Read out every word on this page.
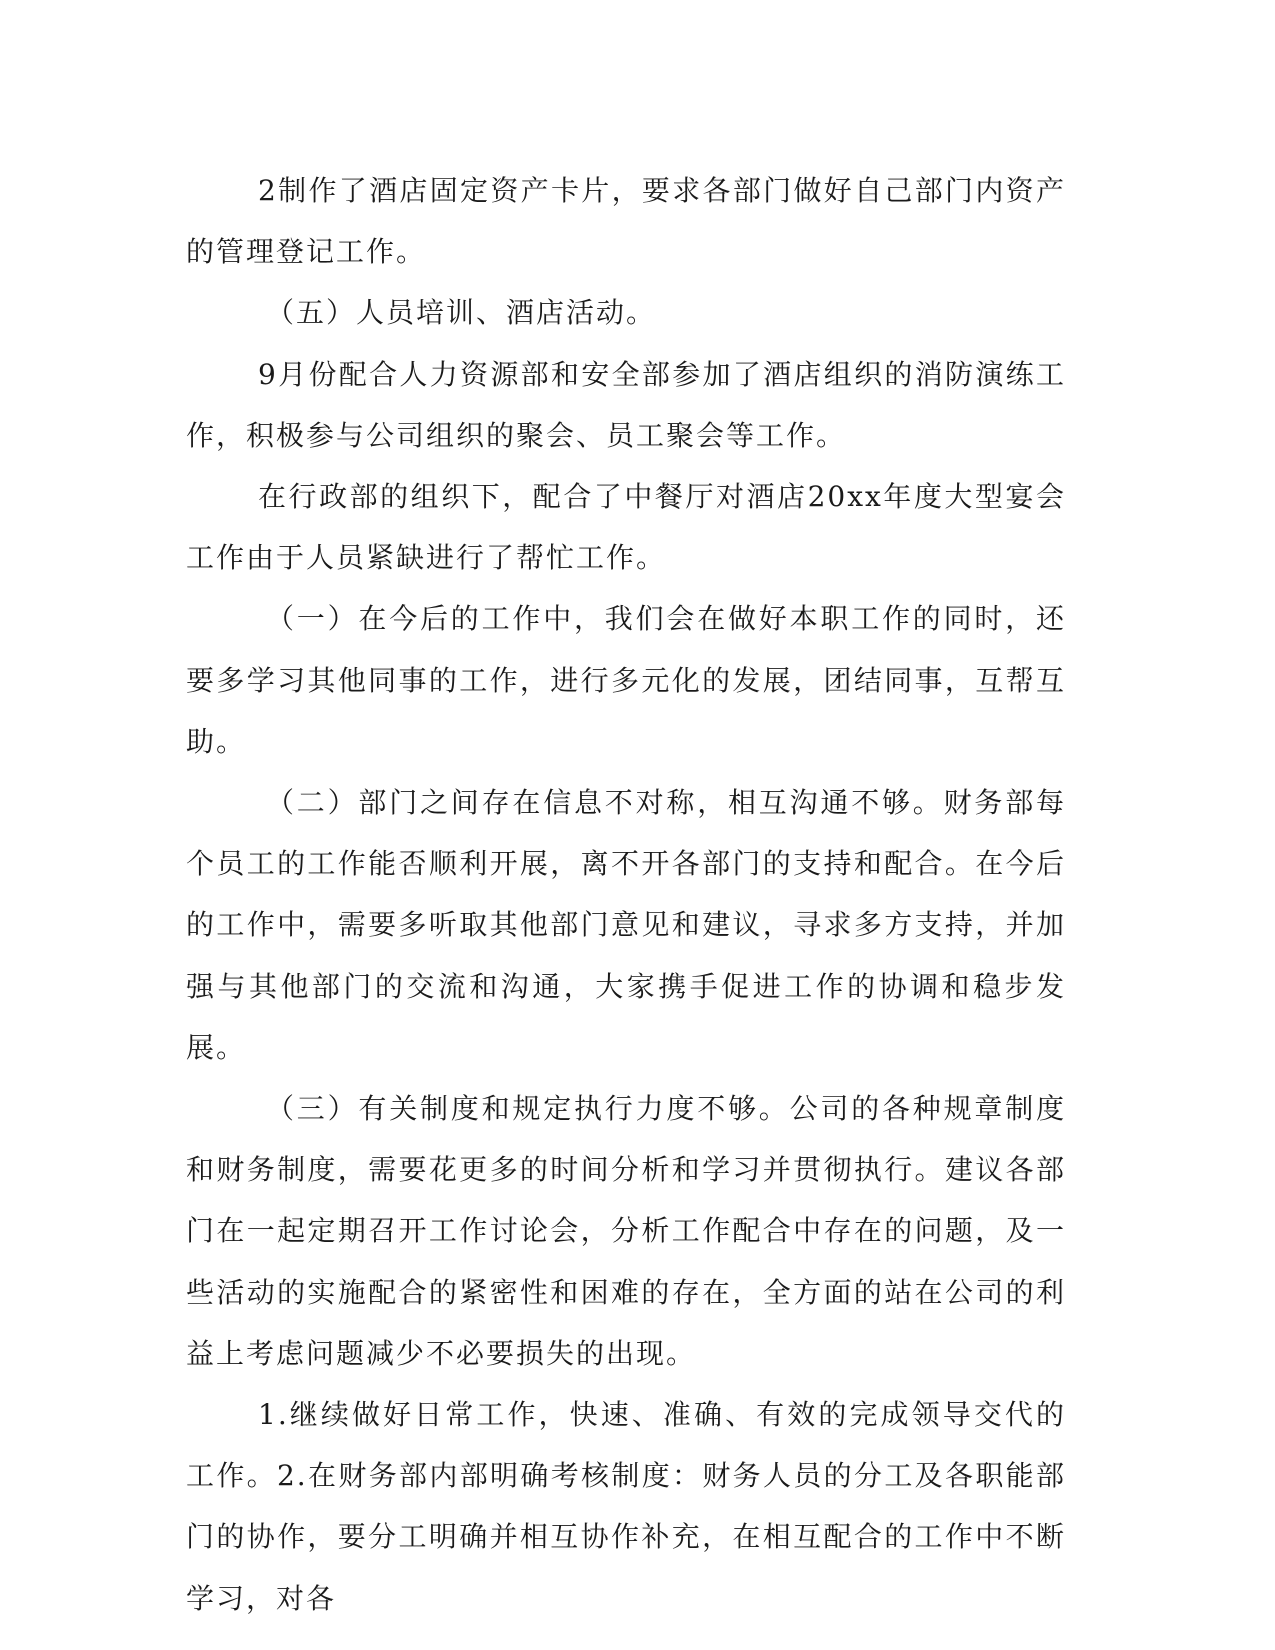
2制作了酒店固定资产卡片，要求各部门做好自己部门内资产的管理登记工作。

（五）人员培训、酒店活动。

9月份配合人力资源部和安全部参加了酒店组织的消防演练工作，积极参与公司组织的聚会、员工聚会等工作。

在行政部的组织下，配合了中餐厅对酒店20xx年度大型宴会工作由于人员紧缺进行了帮忙工作。

（一）在今后的工作中，我们会在做好本职工作的同时，还要多学习其他同事的工作，进行多元化的发展，团结同事，互帮互助。

（二）部门之间存在信息不对称，相互沟通不够。财务部每个员工的工作能否顺利开展，离不开各部门的支持和配合。在今后的工作中，需要多听取其他部门意见和建议，寻求多方支持，并加强与其他部门的交流和沟通，大家携手促进工作的协调和稳步发展。

（三）有关制度和规定执行力度不够。公司的各种规章制度和财务制度，需要花更多的时间分析和学习并贯彻执行。建议各部门在一起定期召开工作讨论会，分析工作配合中存在的问题，及一些活动的实施配合的紧密性和困难的存在，全方面的站在公司的利益上考虑问题减少不必要损失的出现。

1.继续做好日常工作，快速、准确、有效的完成领导交代的工作。2.在财务部内部明确考核制度：财务人员的分工及各职能部门的协作，要分工明确并相互协作补充，在相互配合的工作中不断学习，对各
